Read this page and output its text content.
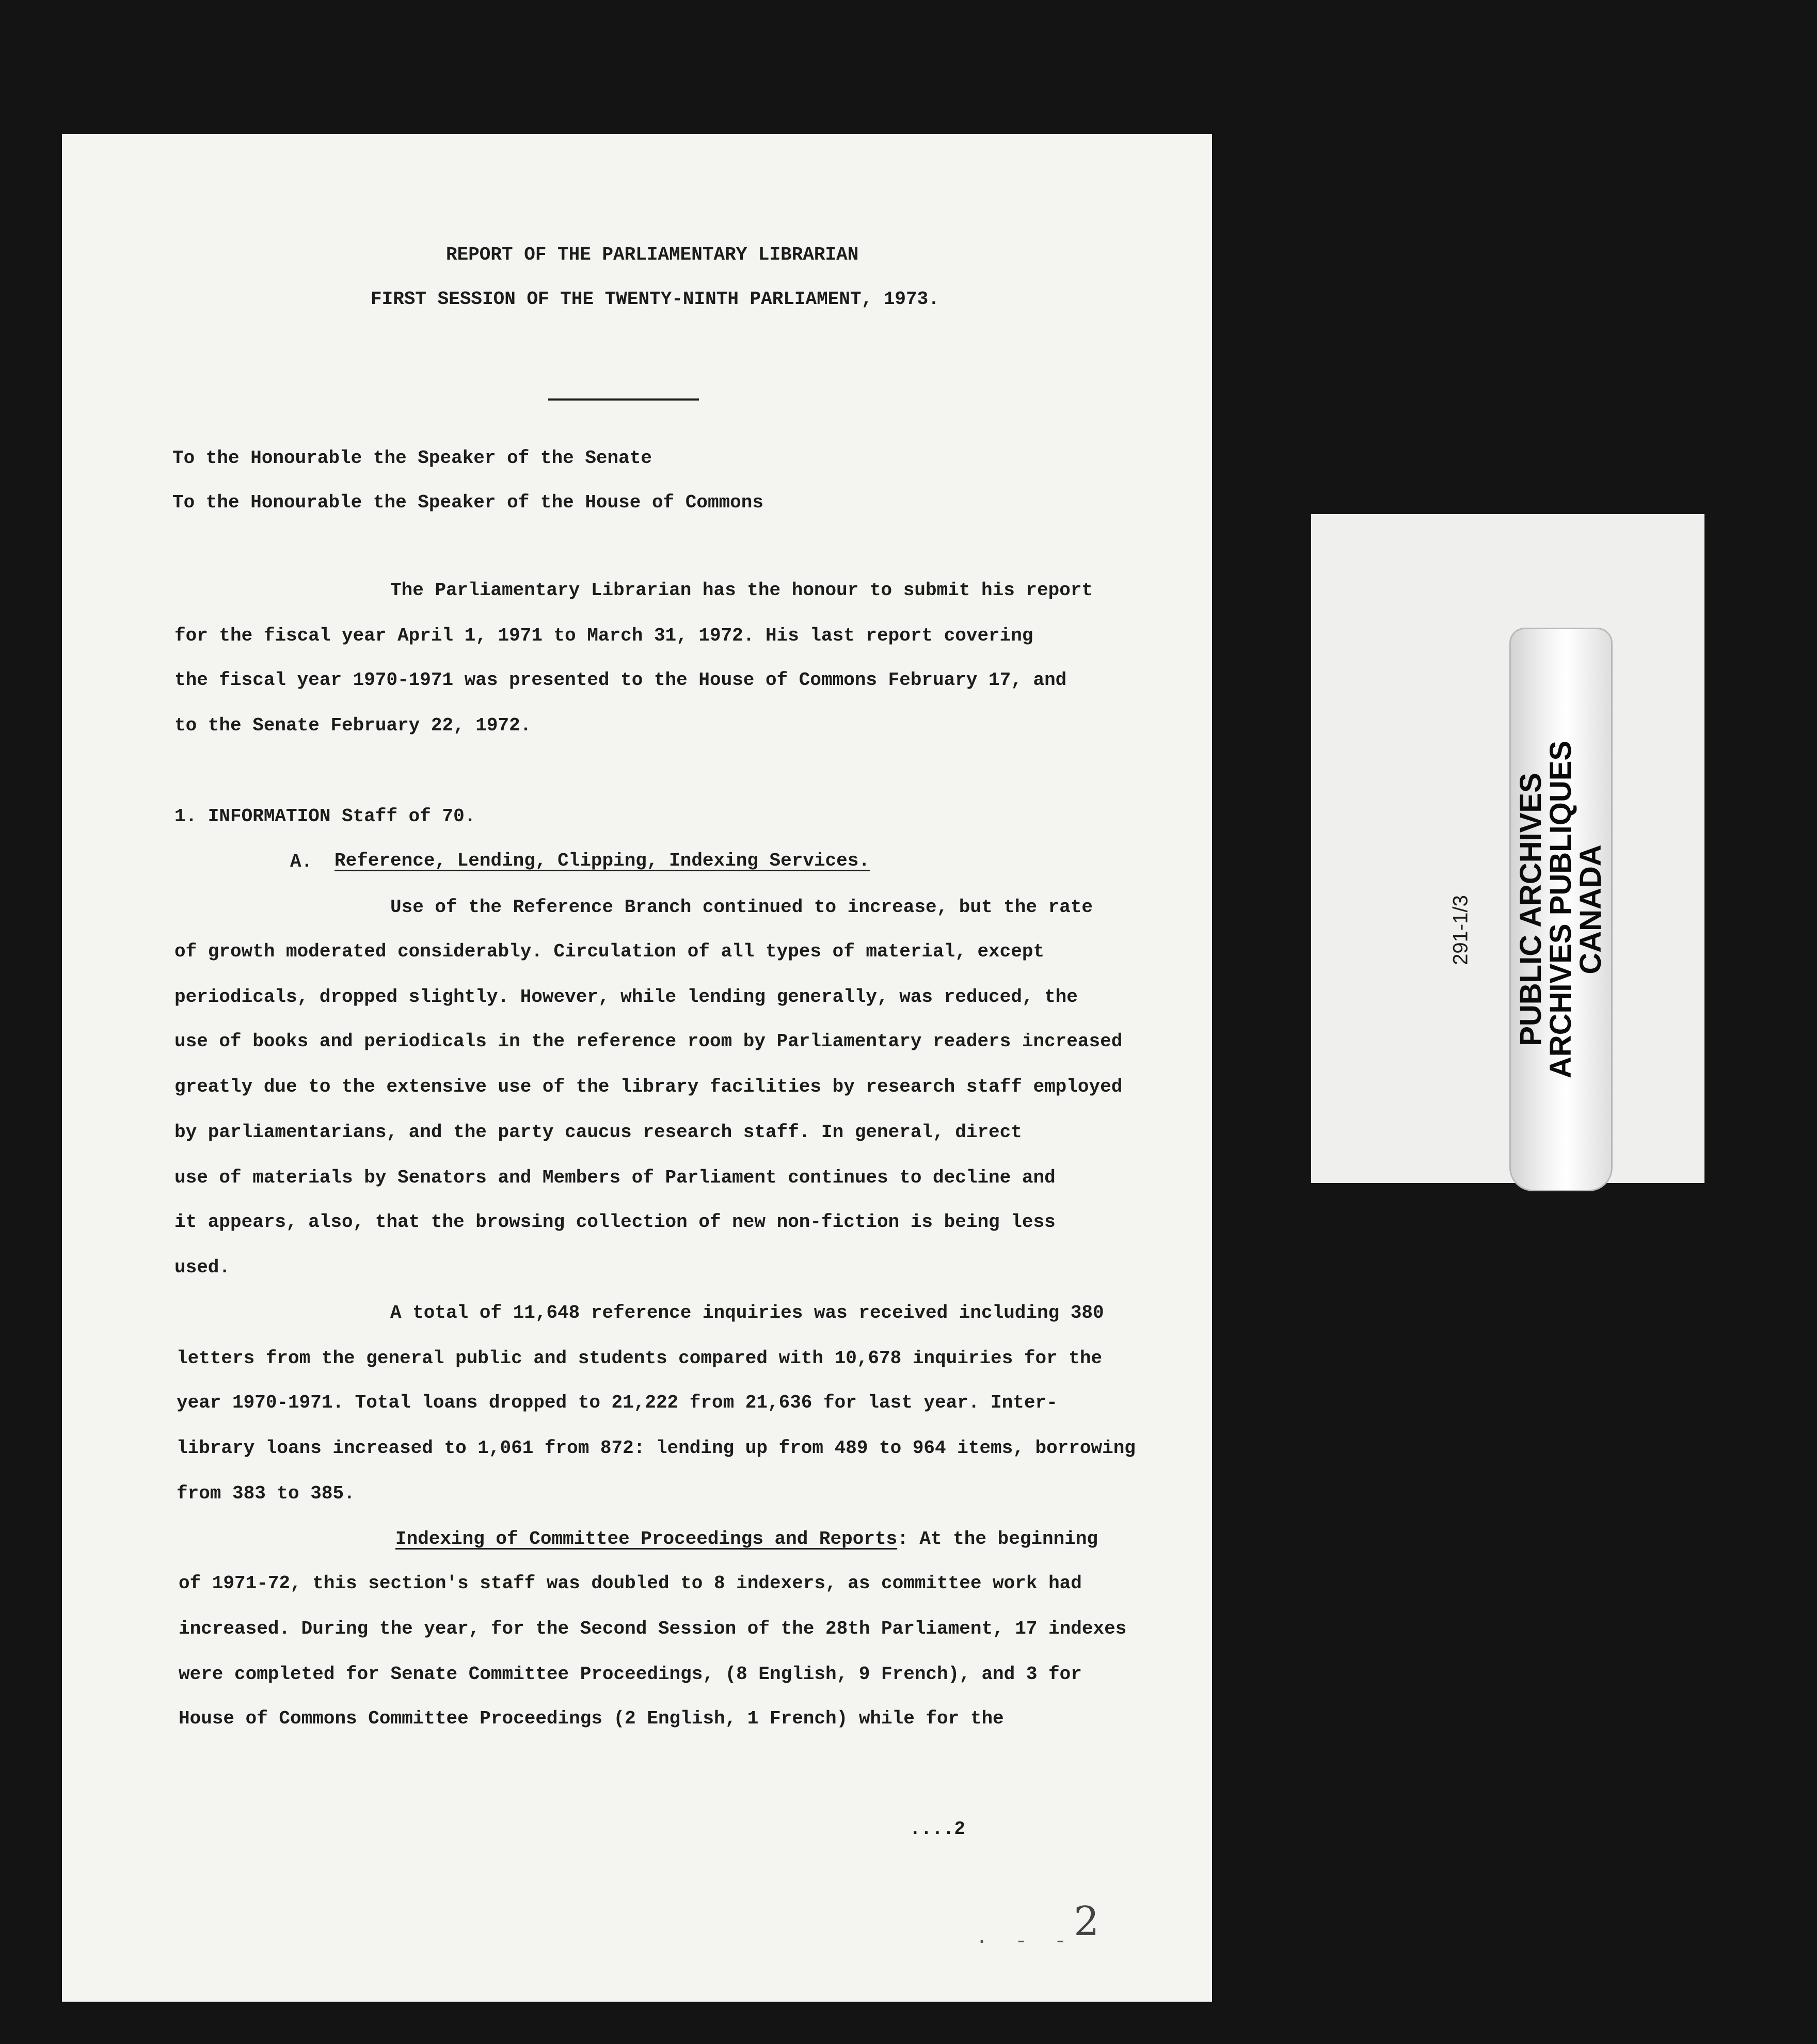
REPORT OF THE PARLIAMENTARY LIBRARIAN
FIRST SESSION OF THE TWENTY-NINTH PARLIAMENT, 1973.
To the Honourable the Speaker of the Senate
To the Honourable the Speaker of the House of Commons
The Parliamentary Librarian has the honour to submit his report
for the fiscal year April 1, 1971 to March 31, 1972. His last report covering
the fiscal year 1970-1971 was presented to the House of Commons February 17, and
to the Senate February 22, 1972.
1. INFORMATION Staff of 70.
A. Reference, Lending, Clipping, Indexing Services.
Use of the Reference Branch continued to increase, but the rate
of growth moderated considerably. Circulation of all types of material, except
periodicals, dropped slightly. However, while lending generally, was reduced, the
use of books and periodicals in the reference room by Parliamentary readers increased
greatly due to the extensive use of the library facilities by research staff employed
by parliamentarians, and the party caucus research staff. In general, direct
use of materials by Senators and Members of Parliament continues to decline and
it appears, also, that the browsing collection of new non-fiction is being less
used.
A total of 11,648 reference inquiries was received including 380
letters from the general public and students compared with 10,678 inquiries for the
year 1970-1971. Total loans dropped to 21,222 from 21,636 for last year. Inter-
library loans increased to 1,061 from 872: lending up from 489 to 964 items, borrowing
from 383 to 385.
Indexing of Committee Proceedings and Reports: At the beginning
of 1971-72, this section's staff was doubled to 8 indexers, as committee work had
increased. During the year, for the Second Session of the 28th Parliament, 17 indexes
were completed for Senate Committee Proceedings, (8 English, 9 French), and 3 for
House of Commons Committee Proceedings (2 English, 1 French) while for the
....2
2
· - -
291-1/3 PUBLIC ARCHIVES
ARCHIVES PUBLIQUES
CANADA
